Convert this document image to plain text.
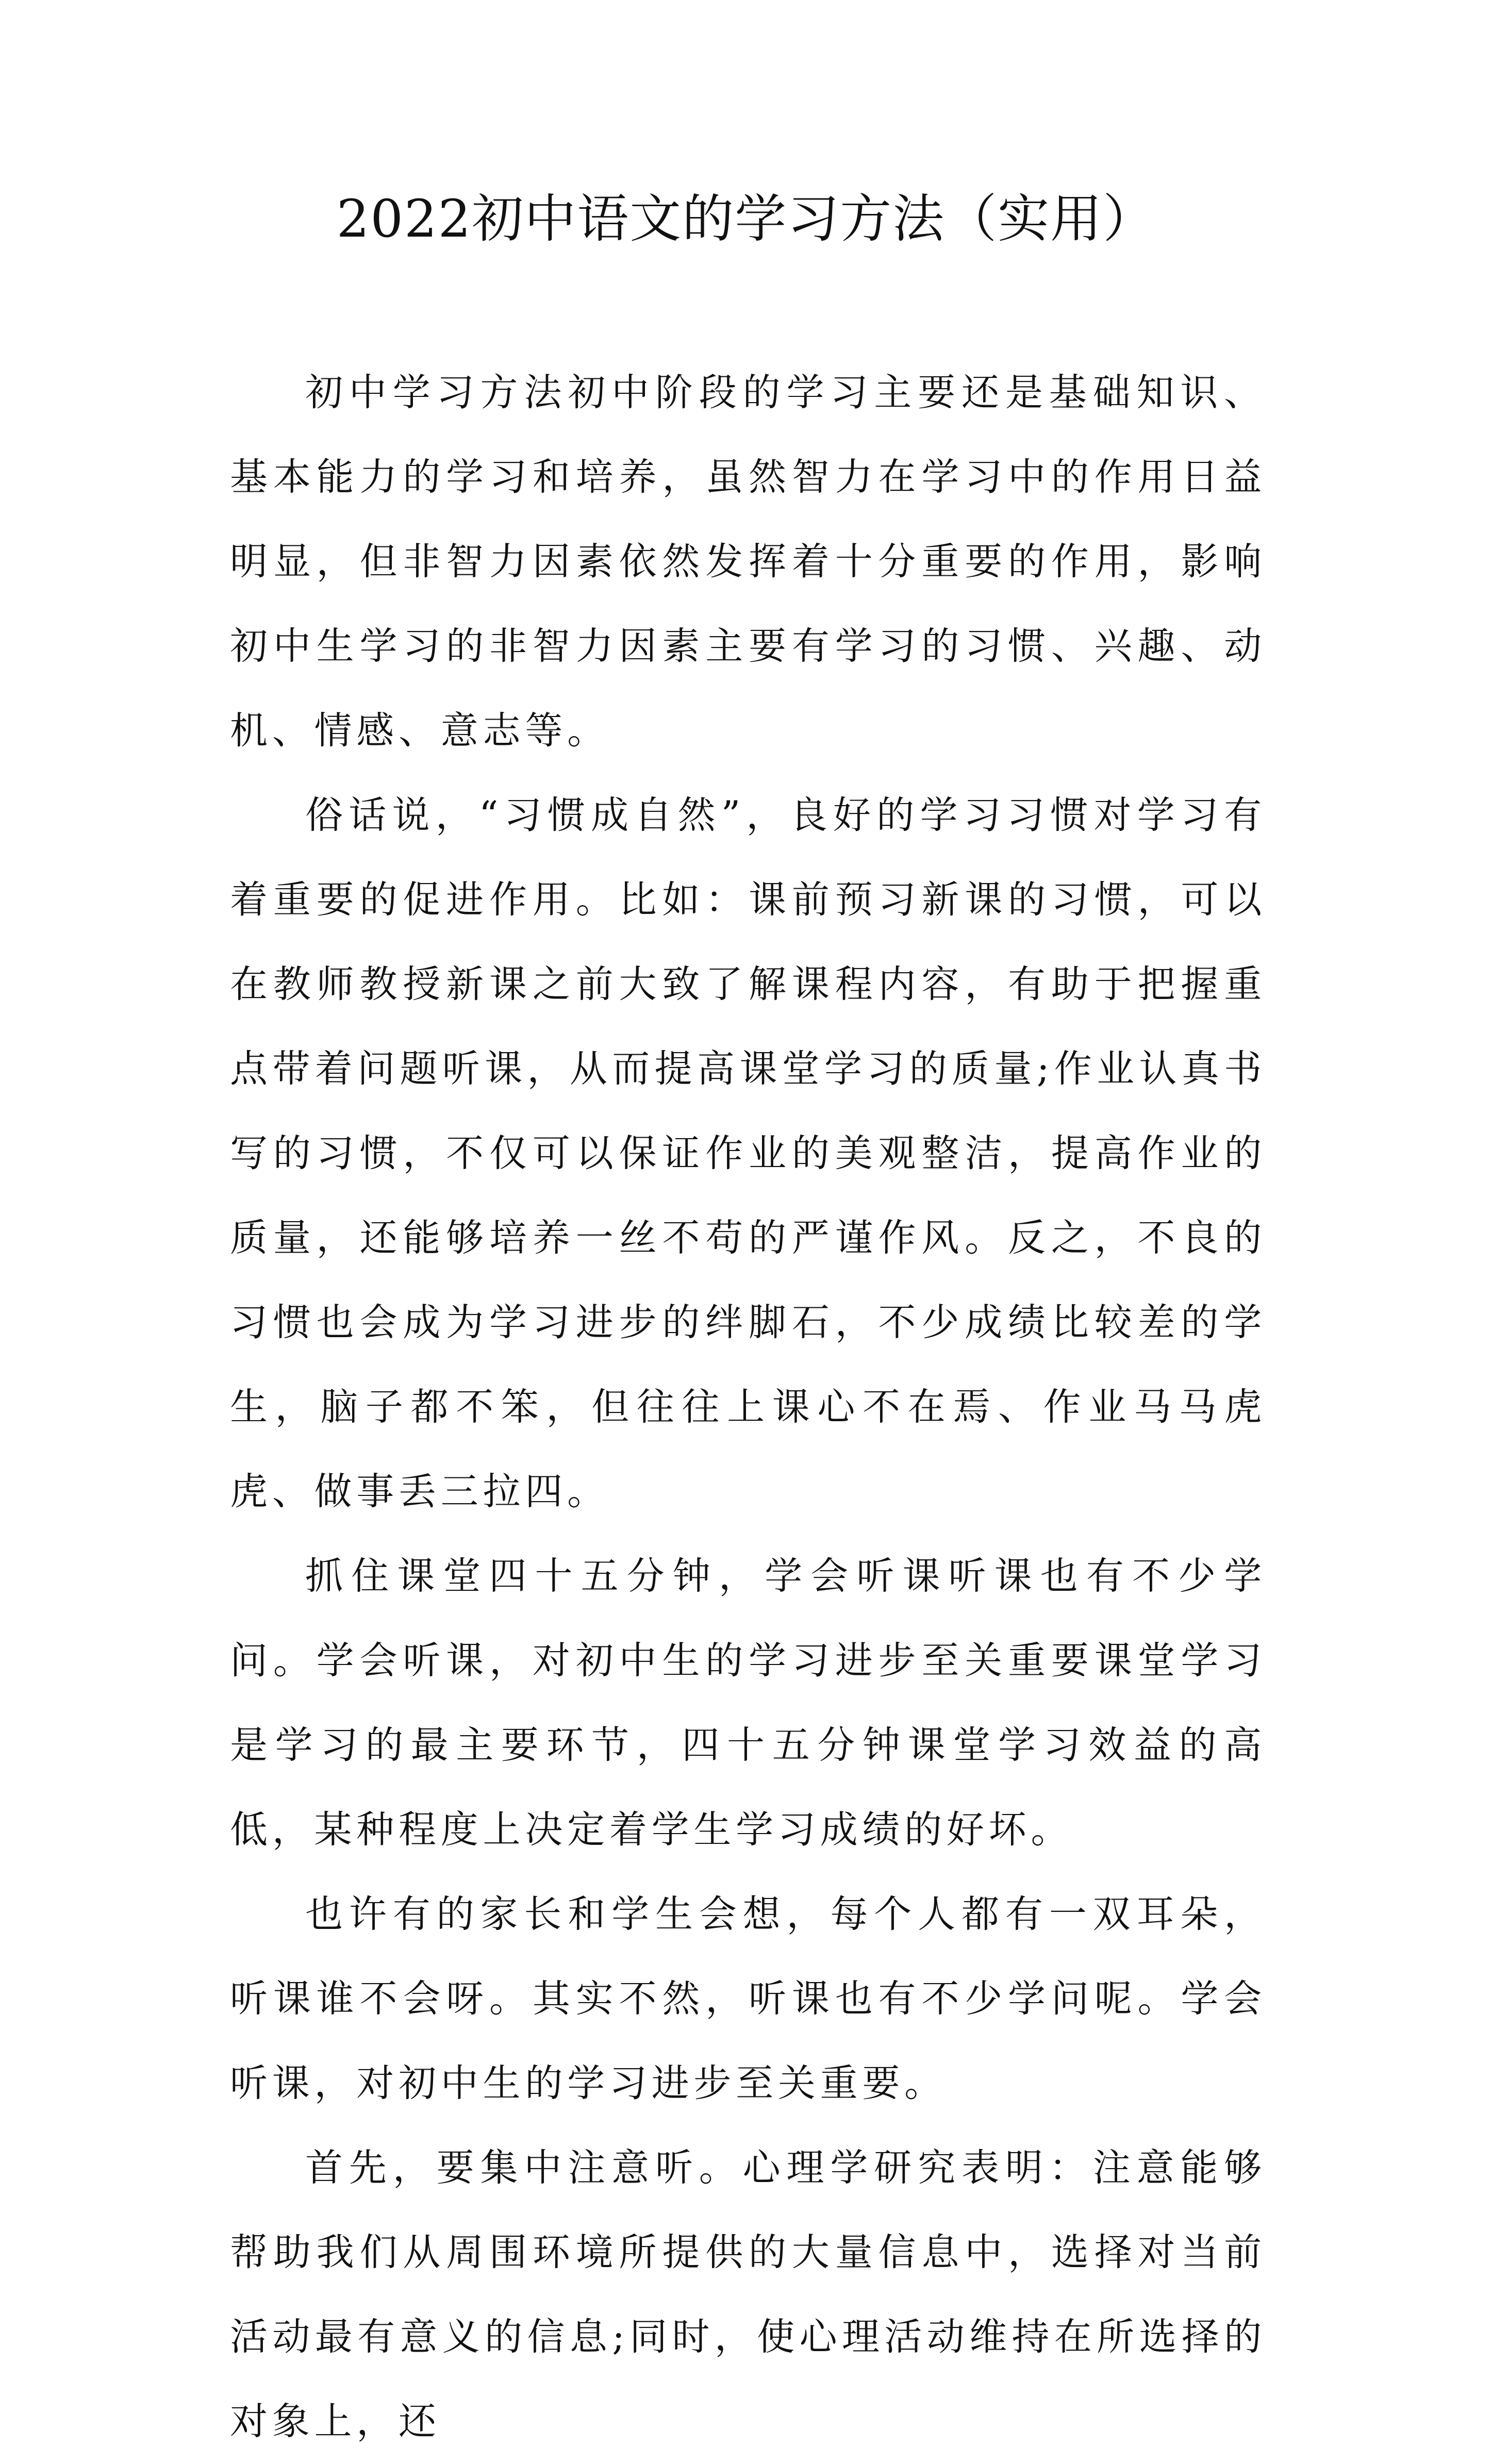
2022初中语文的学习方法（实用）

初中学习方法初中阶段的学习主要还是基础知识、基本能力的学习和培养，虽然智力在学习中的作用日益明显，但非智力因素依然发挥着十分重要的作用，影响初中生学习的非智力因素主要有学习的习惯、兴趣、动机、情感、意志等。

俗话说，“习惯成自然”，良好的学习习惯对学习有着重要的促进作用。比如：课前预习新课的习惯，可以在教师教授新课之前大致了解课程内容，有助于把握重点带着问题听课，从而提高课堂学习的质量;作业认真书写的习惯，不仅可以保证作业的美观整洁，提高作业的质量，还能够培养一丝不苟的严谨作风。反之，不良的习惯也会成为学习进步的绊脚石，不少成绩比较差的学生，脑子都不笨，但往往上课心不在焉、作业马马虎虎、做事丢三拉四。

抓住课堂四十五分钟，学会听课听课也有不少学问。学会听课，对初中生的学习进步至关重要课堂学习是学习的最主要环节，四十五分钟课堂学习效益的高低，某种程度上决定着学生学习成绩的好坏。

也许有的家长和学生会想，每个人都有一双耳朵，听课谁不会呀。其实不然，听课也有不少学问呢。学会听课，对初中生的学习进步至关重要。

首先，要集中注意听。心理学研究表明：注意能够帮助我们从周围环境所提供的大量信息中，选择对当前活动最有意义的信息;同时，使心理活动维持在所选择的对象上，还
